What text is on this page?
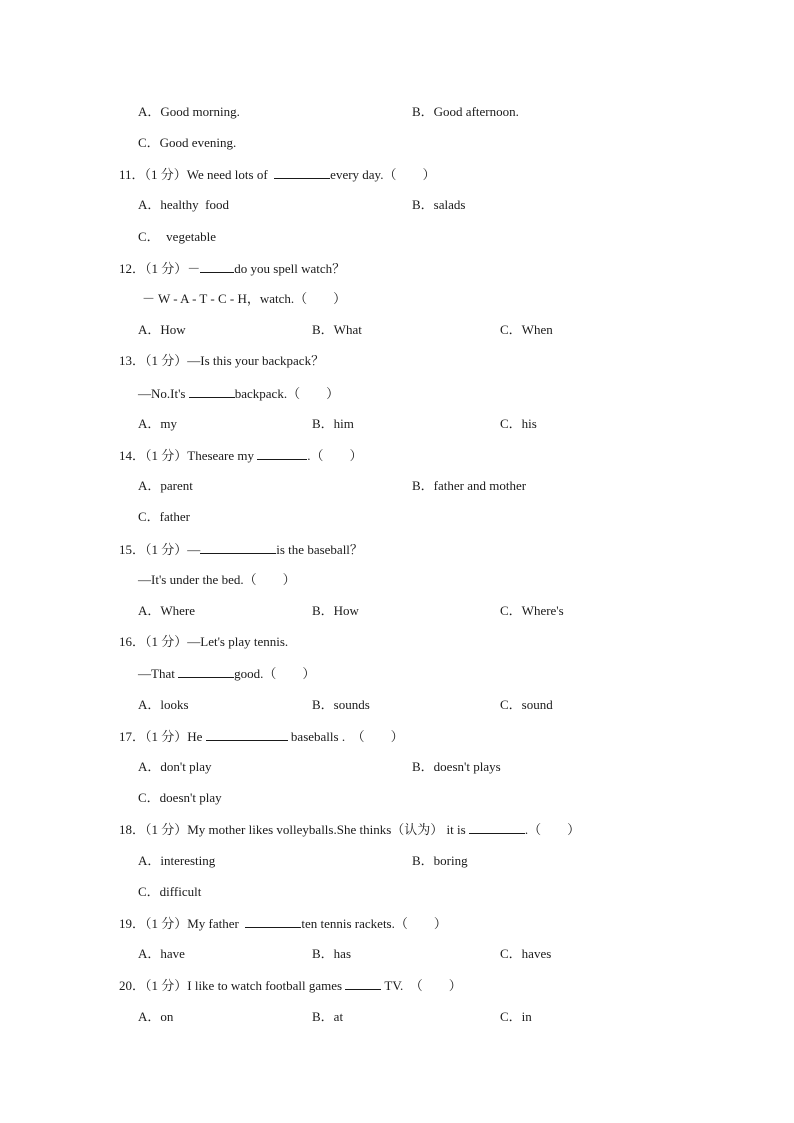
A．Good morning.	B．Good afternoon.
C．Good evening.
11．（1 分）We need lots of	every day.（　　）
A．healthy  food	B．salads
C．  vegetable
12．（1 分）－	do you spell watch？
－ W - A - T - C - H，watch.（　　）
A．How	B．What	C．When
13．（1 分）—Is this your backpack？
—No.It's	backpack.（　　）
A．my	B．him	C．his
14．（1 分）Theseare my	.（　　）
A．parent	B．father and mother
C．father
15．（1 分）—	is the baseball？
—It's under the bed.（　　）
A．Where	B．How	C．Where's
16．（1 分）—Let's play tennis.
—That	good.（　　）
A．looks	B．sounds	C．sound
17．（1 分）He	baseballs .　（　　）
A．don't play	B．doesn't plays
C．doesn't play
18．（1 分）My mother likes volleyballs.She thinks（认为） it is	.（　　）
A．interesting	B．boring
C．difficult
19．（1 分）My father	ten tennis rackets.（　　）
A．have	B．has	C．haves
20．（1 分）I like to watch football games	TV.　（　　）
A．on	B．at	C．in
